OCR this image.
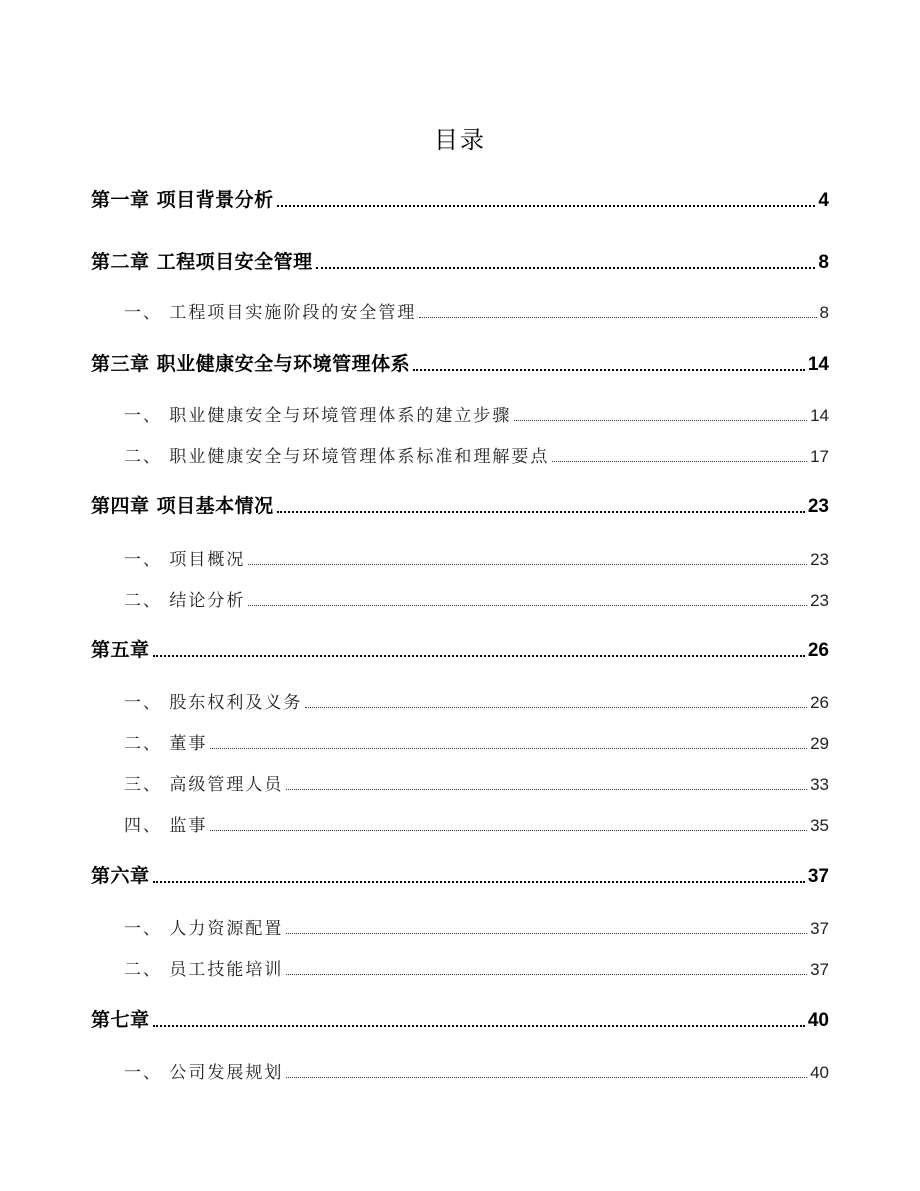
目录
第一章 项目背景分析	4
第二章 工程项目安全管理	8
一、 工程项目实施阶段的安全管理	8
第三章 职业健康安全与环境管理体系	14
一、 职业健康安全与环境管理体系的建立步骤	14
二、 职业健康安全与环境管理体系标准和理解要点	17
第四章 项目基本情况	23
一、 项目概况	23
二、 结论分析	23
第五章	26
一、 股东权利及义务	26
二、 董事	29
三、 高级管理人员	33
四、 监事	35
第六章	37
一、 人力资源配置	37
二、 员工技能培训	37
第七章	40
一、 公司发展规划	40
